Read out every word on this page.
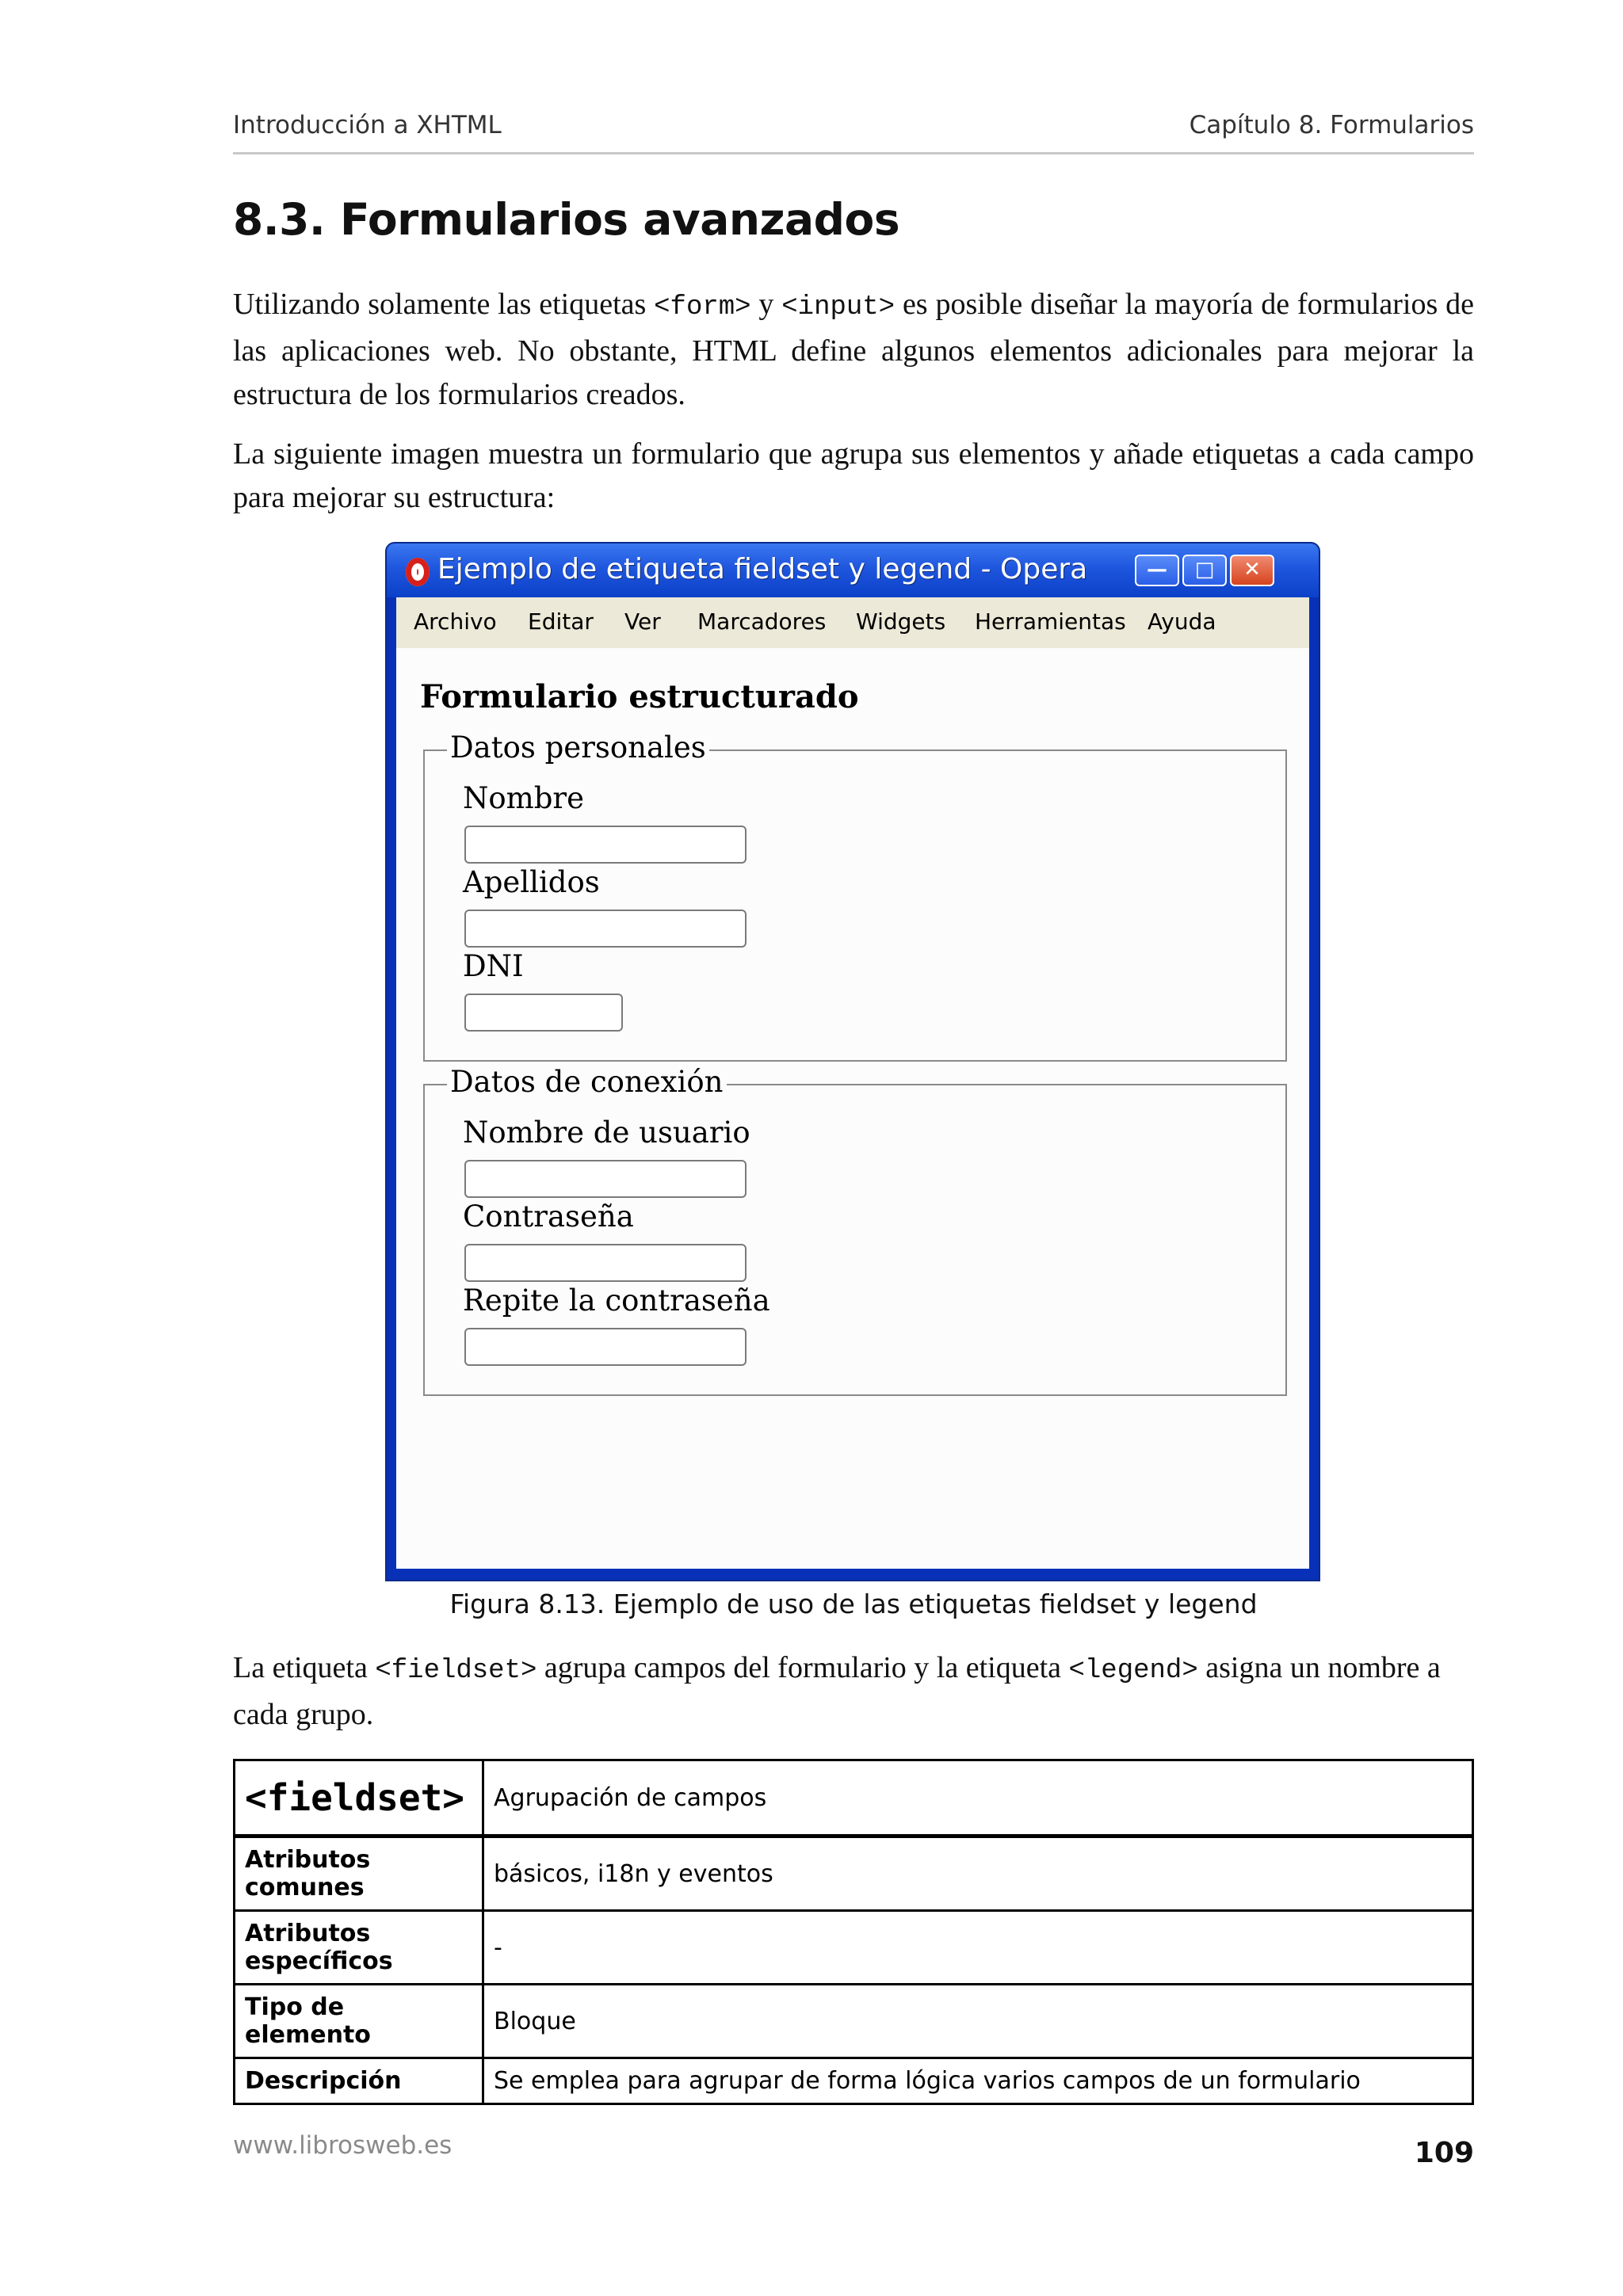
Introducción a XHTML	Capítulo 8. Formularios
8.3. Formularios avanzados

Utilizando solamente las etiquetas <form> y <input> es posible diseñar la mayoría de formularios de las aplicaciones web. No obstante, HTML define algunos elementos adicionales para mejorar la estructura de los formularios creados.

La siguiente imagen muestra un formulario que agrupa sus elementos y añade etiquetas a cada campo para mejorar su estructura:

Ejemplo de etiqueta fieldset y legend - Opera	—	□	✕
Archivo Editar Ver Marcadores Widgets Herramientas Ayuda
Formulario estructurado
Datos personales
Nombre
Apellidos
DNI
Datos de conexión
Nombre de usuario
Contraseña
Repite la contraseña
Figura 8.13. Ejemplo de uso de las etiquetas fieldset y legend

La etiqueta <fieldset> agrupa campos del formulario y la etiqueta <legend> asigna un nombre a cada grupo.

<fieldset>	Agrupación de campos
Atributos comunes	básicos, i18n y eventos
Atributos específicos	-
Tipo de elemento	Bloque
Descripción	Se emplea para agrupar de forma lógica varios campos de un formulario
www.librosweb.es	109
